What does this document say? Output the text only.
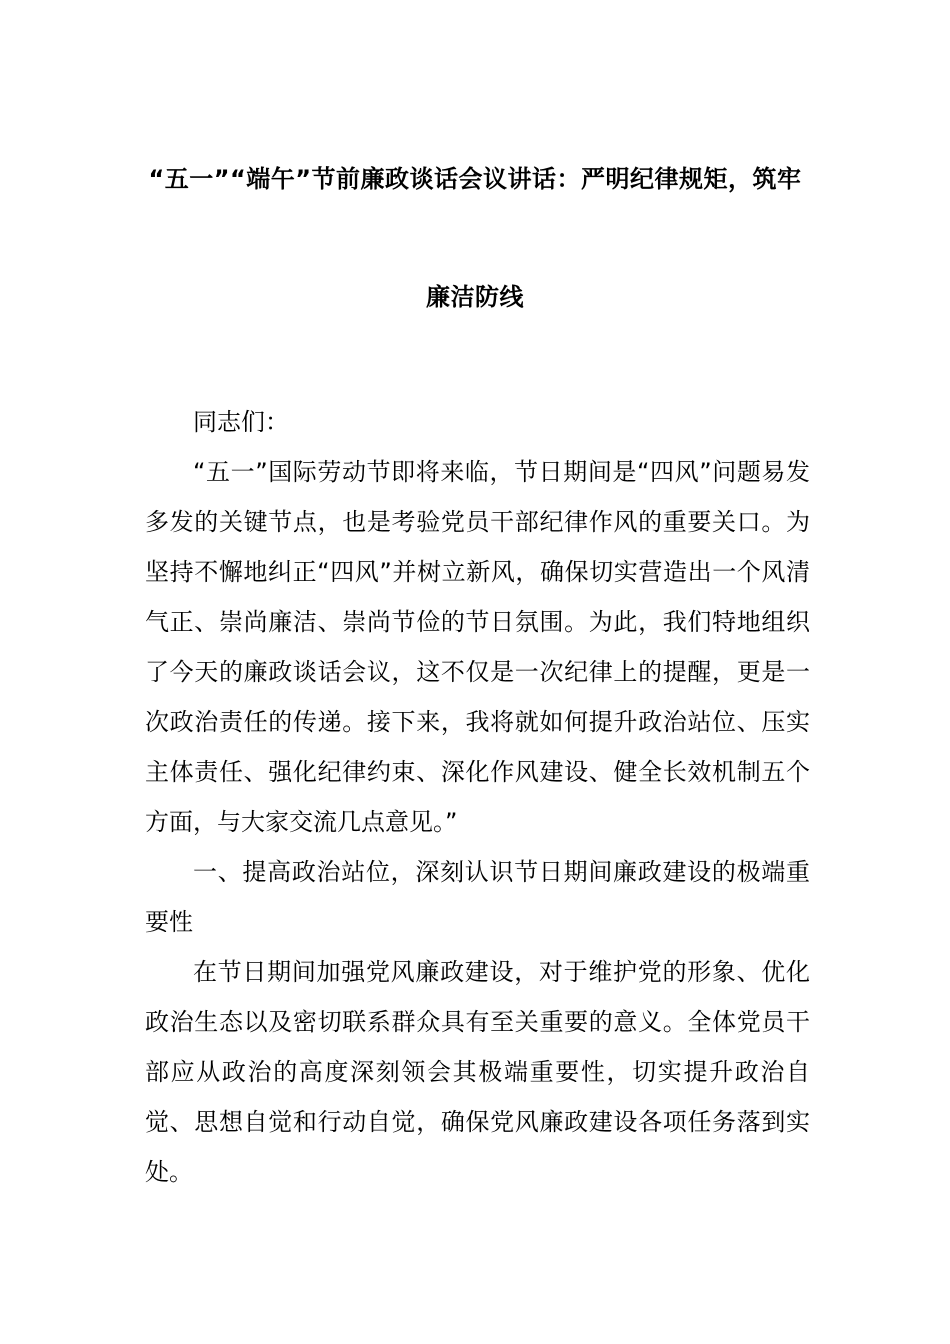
“五一”“端午”节前廉政谈话会议讲话：严明纪律规矩，筑牢
廉洁防线

同志们：

“五一”国际劳动节即将来临，节日期间是“四风”问题易发多发的关键节点，也是考验党员干部纪律作风的重要关口。为坚持不懈地纠正“四风”并树立新风，确保切实营造出一个风清气正、崇尚廉洁、崇尚节俭的节日氛围。为此，我们特地组织了今天的廉政谈话会议，这不仅是一次纪律上的提醒，更是一次政治责任的传递。接下来，我将就如何提升政治站位、压实主体责任、强化纪律约束、深化作风建设、健全长效机制五个方面，与大家交流几点意见。”

一、提高政治站位，深刻认识节日期间廉政建设的极端重要性

在节日期间加强党风廉政建设，对于维护党的形象、优化政治生态以及密切联系群众具有至关重要的意义。全体党员干部应从政治的高度深刻领会其极端重要性，切实提升政治自觉、思想自觉和行动自觉，确保党风廉政建设各项任务落到实处。
